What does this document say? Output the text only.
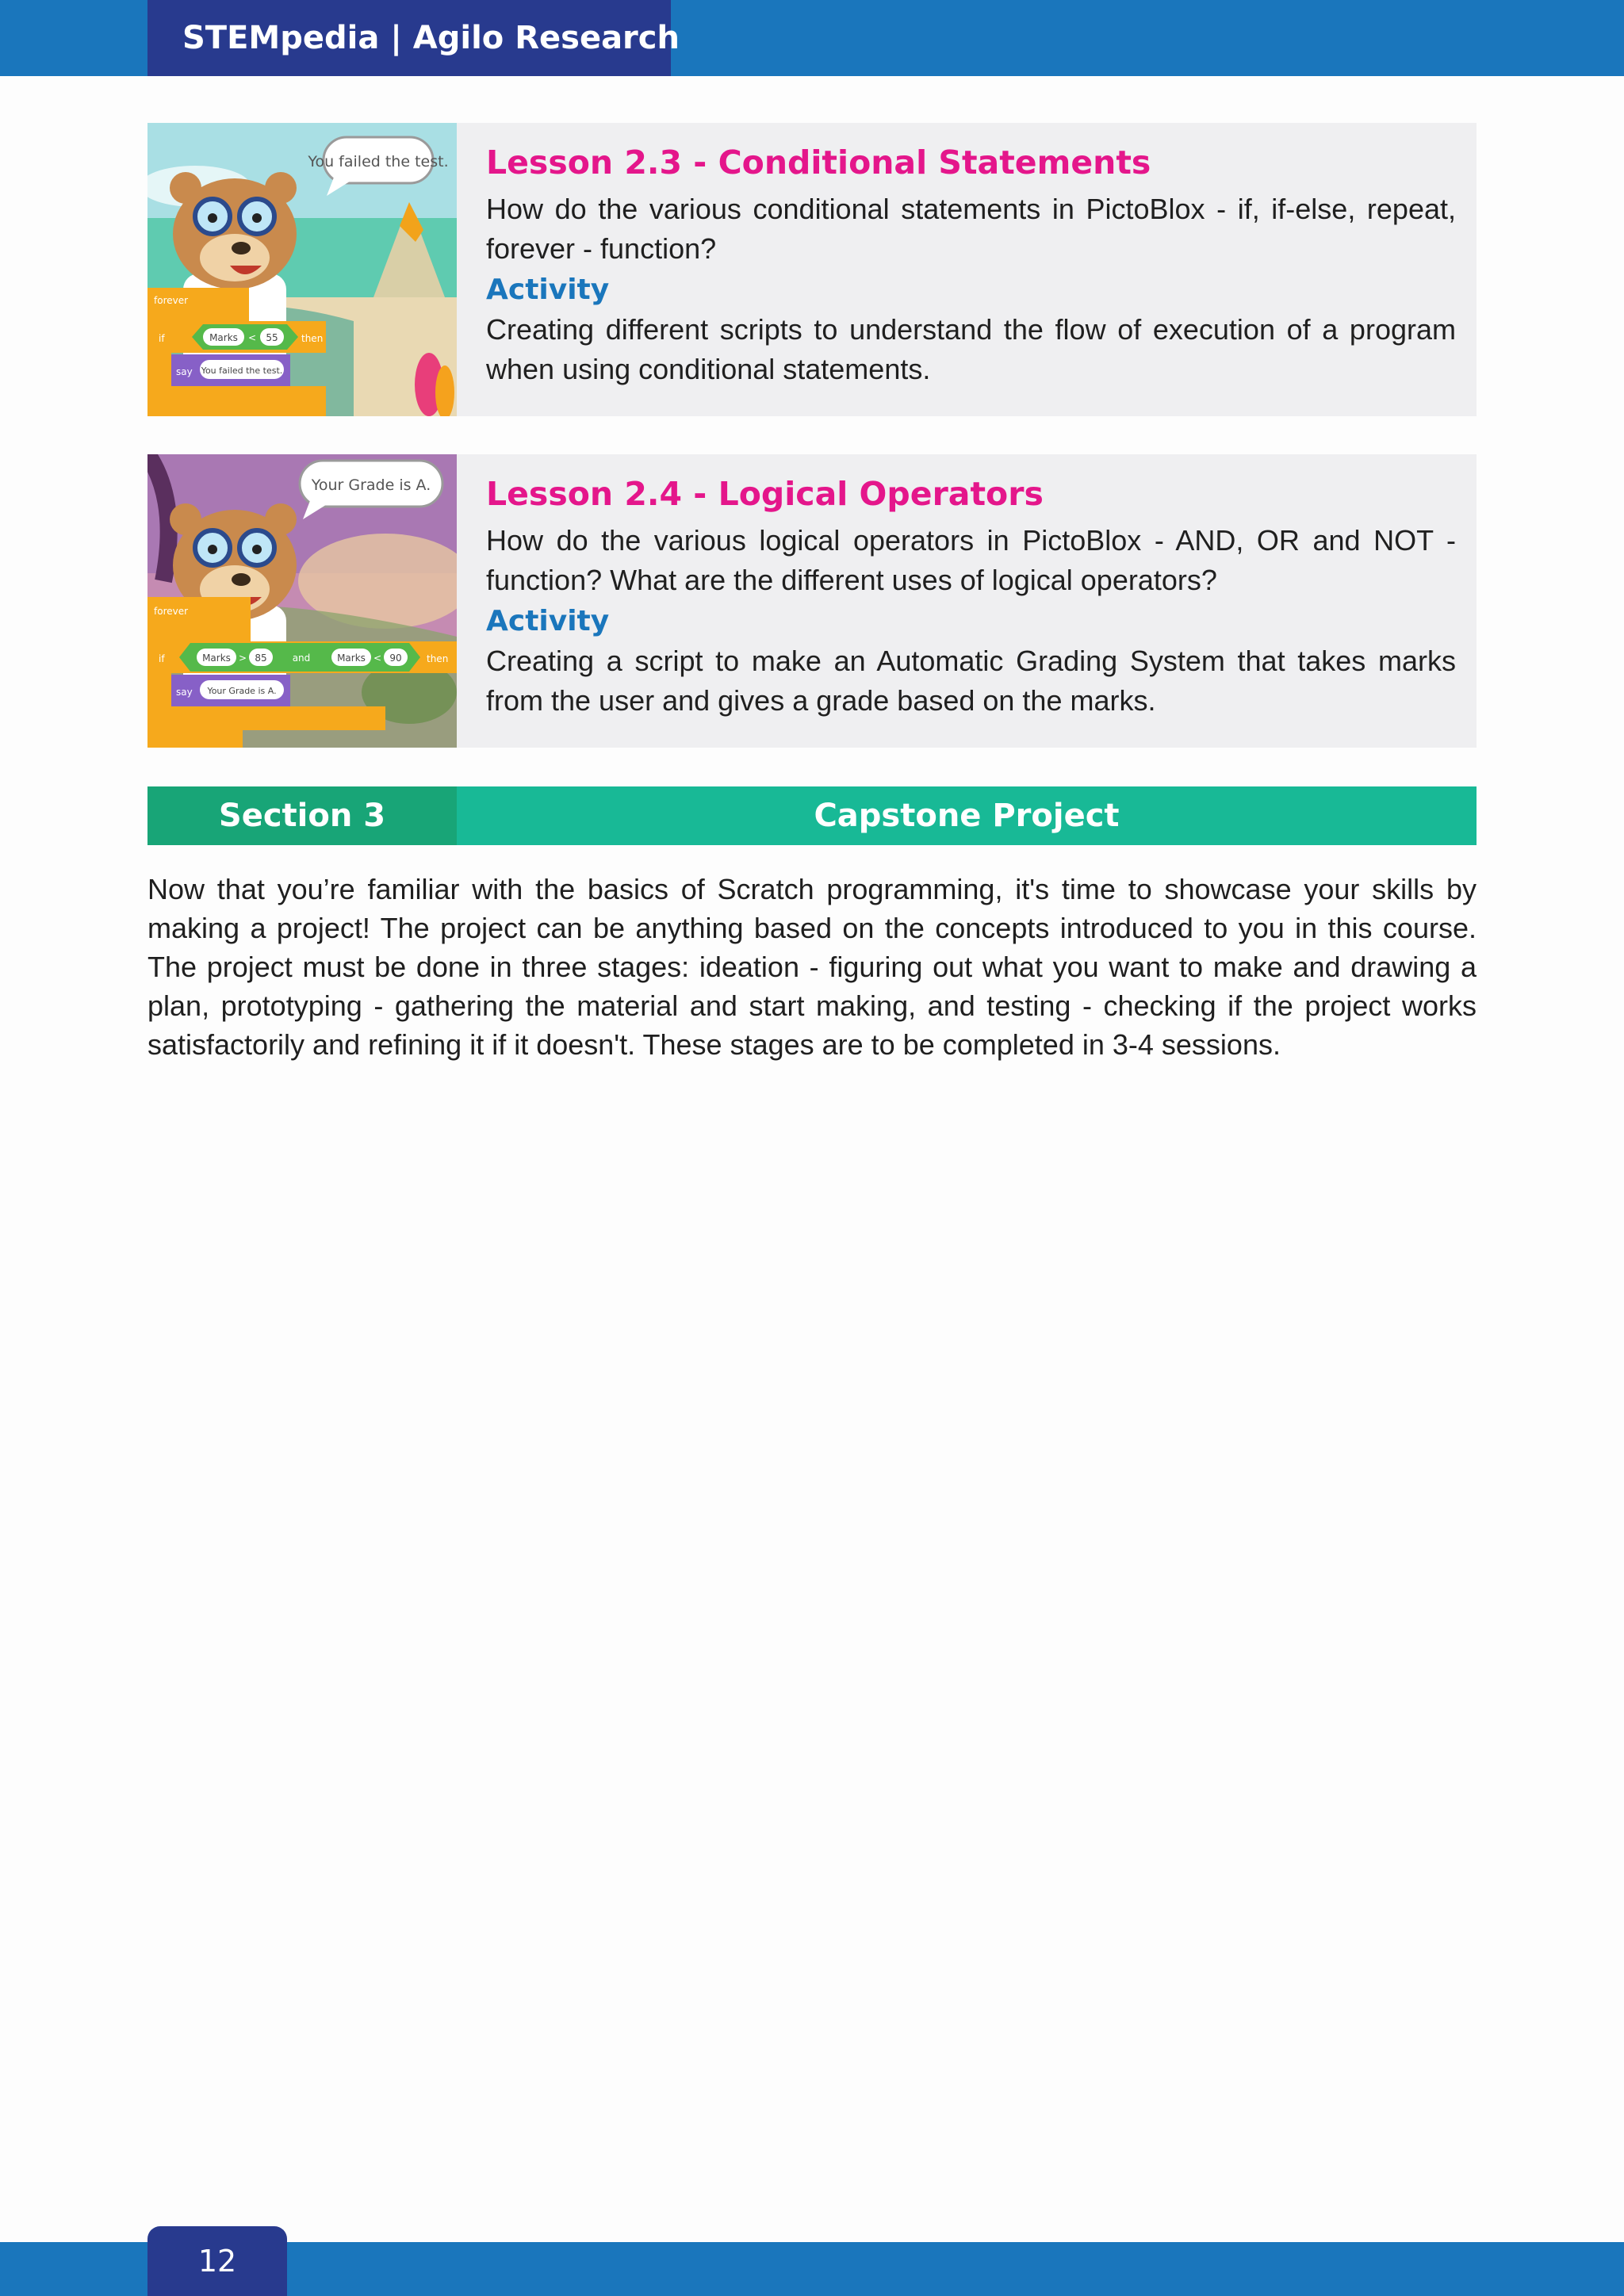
STEMpedia | Agilo Research
You failed the test.
forever
if	Marks < 55 then
say You failed the test.
Lesson 2.3 - Conditional Statements

How do the various conditional statements in PictoBlox - if, if-else, repeat, forever - function?

Activity

Creating different scripts to understand the flow of execution of a program when using conditional statements.

Your Grade is A.
forever
if	Marks > 85	and	Marks < 90	then
say Your Grade is A.
Lesson 2.4 - Logical Operators

How do the various logical operators in PictoBlox - AND, OR and NOT - function? What are the different uses of logical operators?

Activity

Creating a script to make an Automatic Grading System that takes marks from the user and gives a grade based on the marks.

Section 3	Capstone Project

Now that you’re familiar with the basics of Scratch programming, it's time to showcase your skills by making a project! The project can be anything based on the concepts introduced to you in this course. The project must be done in three stages: ideation - figuring out what you want to make and drawing a plan, prototyping - gathering the material and start making, and testing - checking if the project works satisfactorily and refining it if it doesn't. These stages are to be completed in 3-4 sessions.

12
